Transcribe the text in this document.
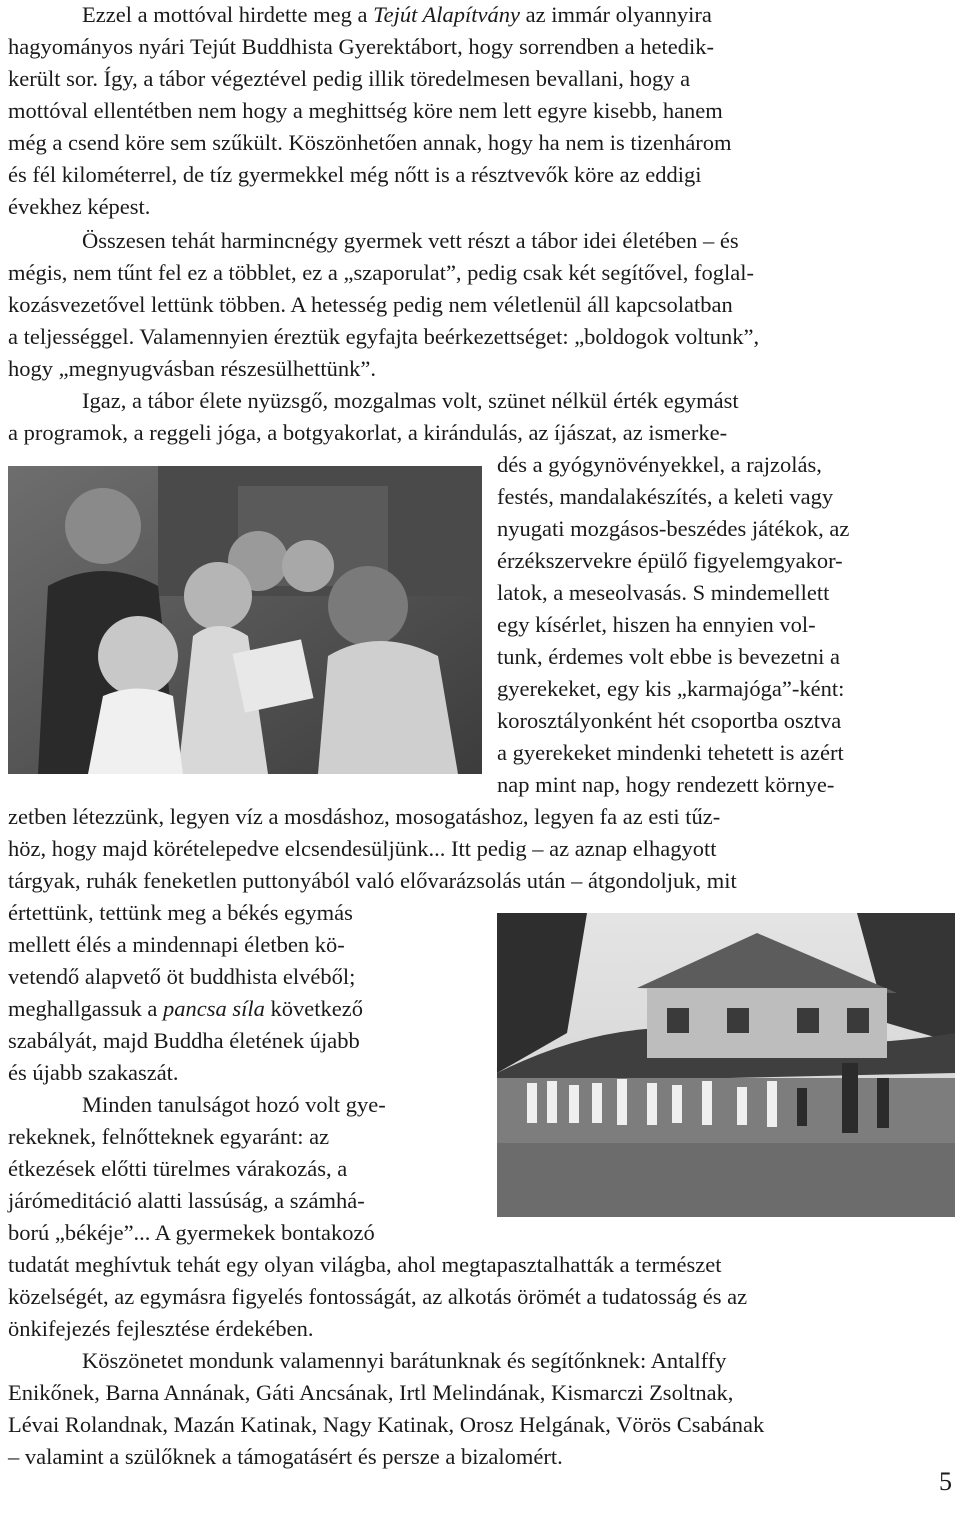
Ezzel a mottóval hirdette meg a Tejút Alapítvány az immár olyannyira
hagyományos nyári Tejút Buddhista Gyerektábort, hogy sorrendben a hetedik-
került sor. Így, a tábor végeztével pedig illik töredelmesen bevallani, hogy a
mottóval ellentétben nem hogy a meghittség köre nem lett egyre kisebb, hanem
még a csend köre sem szűkült. Köszönhetően annak, hogy ha nem is tizenhárom
és fél kilométerrel, de tíz gyermekkel még nőtt is a résztvevők köre az eddigi
évekhez képest.
Összesen tehát harmincnégy gyermek vett részt a tábor idei életében – és
mégis, nem tűnt fel ez a többlet, ez a „szaporulat”, pedig csak két segítővel, foglal-
kozásvezetővel lettünk többen. A hetesség pedig nem véletlenül áll kapcsolatban
a teljességgel. Valamennyien éreztük egyfajta beérkezettséget: „boldogok voltunk”,
hogy „megnyugvásban részesülhettünk”.
Igaz, a tábor élete nyüzsgő, mozgalmas volt, szünet nélkül érték egymást
a programok, a reggeli jóga, a botgyakorlat, a kirándulás, az íjászat, az ismerke-
dés a gyógynövényekkel, a rajzolás,
festés, mandalakészítés, a keleti vagy
nyugati mozgásos-beszédes játékok, az
érzékszervekre épülő figyelemgyakor-
latok, a meseolvasás. S mindemellett
egy kísérlet, hiszen ha ennyien vol-
tunk, érdemes volt ebbe is bevezetni a
gyerekeket, egy kis „karmajóga”-ként:
korosztályonként hét csoportba osztva
a gyerekeket mindenki tehetett is azért
nap mint nap, hogy rendezett környe-
zetben létezzünk, legyen víz a mosdáshoz, mosogatáshoz, legyen fa az esti tűz-
höz, hogy majd körételepedve elcsendesüljünk... Itt pedig – az aznap elhagyott
tárgyak, ruhák feneketlen puttonyából való elővarázsolás után – átgondoljuk, mit
értettünk, tettünk meg a békés egymás
mellett élés a mindennapi életben kö-
vetendő alapvető öt buddhista elvéből;
meghallgassuk a pancsa síla következő
szabályát, majd Buddha életének újabb
és újabb szakaszát.
Minden tanulságot hozó volt gye-
rekeknek, felnőtteknek egyaránt: az
étkezések előtti türelmes várakozás, a
járómeditáció alatti lassúság, a számhá-
ború „békéje”... A gyermekek bontakozó
tudatát meghívtuk tehát egy olyan világba, ahol megtapasztalhatták a természet
közelségét, az egymásra figyelés fontosságát, az alkotás örömét a tudatosság és az
önkifejezés fejlesztése érdekében.
Köszönetet mondunk valamennyi barátunknak és segítőnknek: Antalffy
Enikőnek, Barna Annának, Gáti Ancsának, Irtl Melindának, Kismarczi Zsoltnak,
Lévai Rolandnak, Mazán Katinak, Nagy Katinak, Orosz Helgának, Vörös Csabának
– valamint a szülőknek a támogatásért és persze a bizalomért.
5
